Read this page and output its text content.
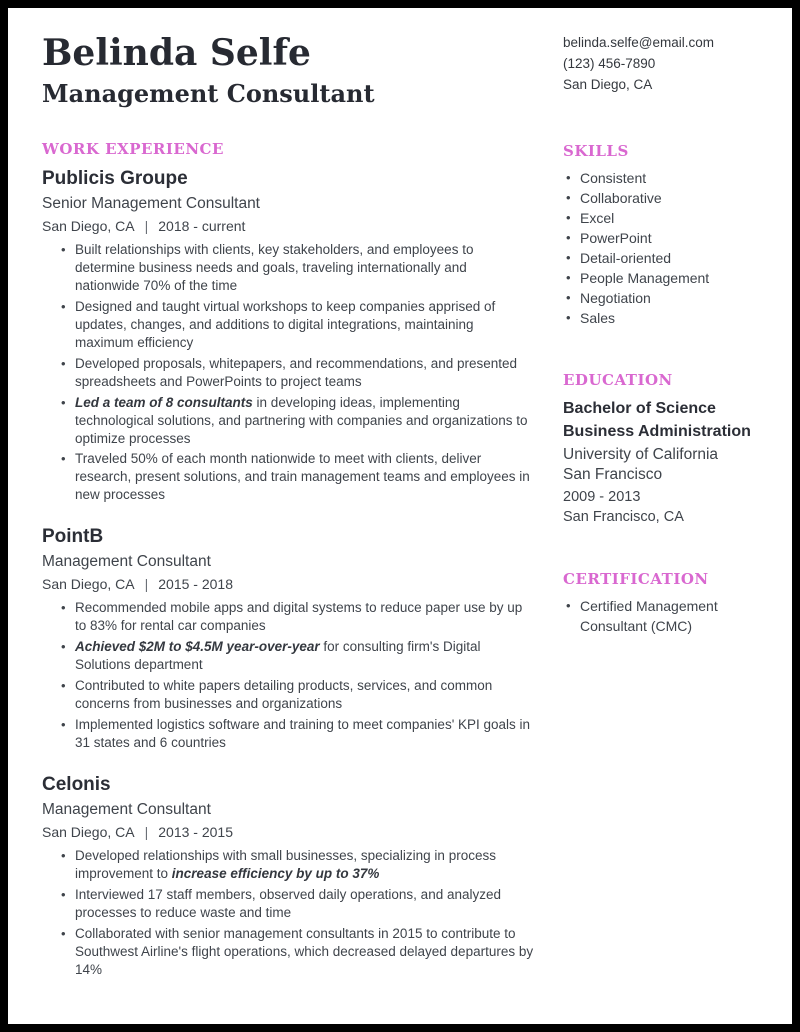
Belinda Selfe
Management Consultant
WORK EXPERIENCE
Publicis Groupe
Senior Management Consultant
San Diego, CA | 2018 - current
• Built relationships with clients, key stakeholders, and employees to determine business needs and goals, traveling internationally and nationwide 70% of the time
• Designed and taught virtual workshops to keep companies apprised of updates, changes, and additions to digital integrations, maintaining maximum efficiency
• Developed proposals, whitepapers, and recommendations, and presented spreadsheets and PowerPoints to project teams
• Led a team of 8 consultants in developing ideas, implementing technological solutions, and partnering with companies and organizations to optimize processes
• Traveled 50% of each month nationwide to meet with clients, deliver research, present solutions, and train management teams and employees in new processes
PointB
Management Consultant
San Diego, CA | 2015 - 2018
• Recommended mobile apps and digital systems to reduce paper use by up to 83% for rental car companies
• Achieved $2M to $4.5M year-over-year for consulting firm's Digital Solutions department
• Contributed to white papers detailing products, services, and common concerns from businesses and organizations
• Implemented logistics software and training to meet companies' KPI goals in 31 states and 6 countries
Celonis
Management Consultant
San Diego, CA | 2013 - 2015
• Developed relationships with small businesses, specializing in process improvement to increase efficiency by up to 37%
• Interviewed 17 staff members, observed daily operations, and analyzed processes to reduce waste and time
• Collaborated with senior management consultants in 2015 to contribute to Southwest Airline's flight operations, which decreased delayed departures by 14%
belinda.selfe@email.com
(123) 456-7890
San Diego, CA
SKILLS
• Consistent
• Collaborative
• Excel
• PowerPoint
• Detail-oriented
• People Management
• Negotiation
• Sales
EDUCATION
Bachelor of Science
Business Administration
University of California
San Francisco
2009 - 2013
San Francisco, CA
CERTIFICATION
• Certified Management Consultant (CMC)
